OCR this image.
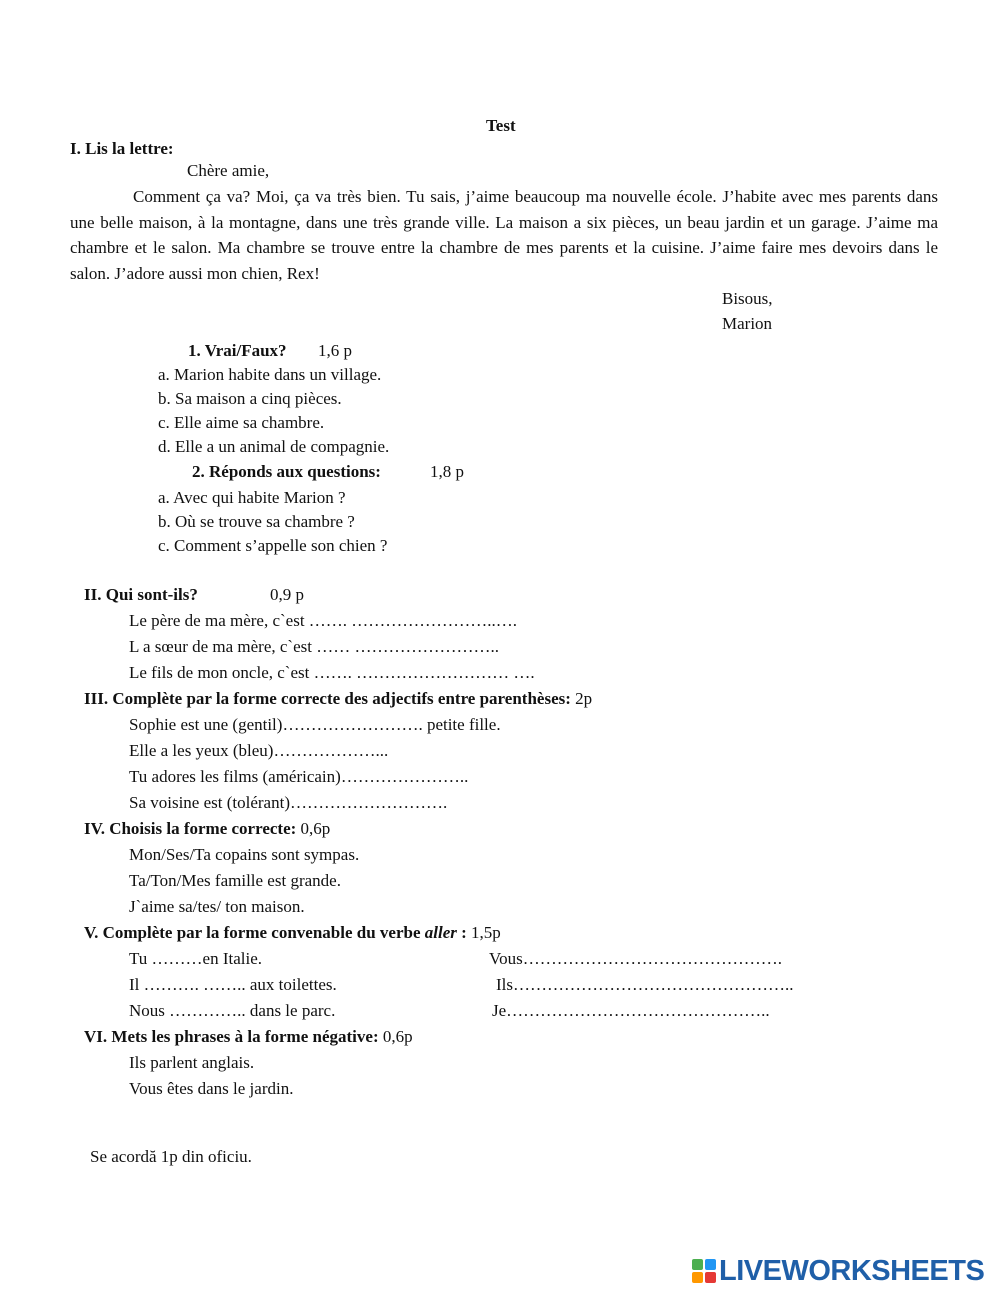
Test
I. Lis la lettre:
Chère amie,
Comment ça va? Moi, ça va très bien. Tu sais, j’aime beaucoup ma nouvelle école. J’habite avec mes parents dans une belle maison, à la montagne, dans une très grande ville. La maison a six pièces, un beau jardin et un garage. J’aime ma chambre et le salon. Ma chambre se trouve entre la chambre de mes parents et la cuisine. J’aime faire mes devoirs dans le salon. J’adore aussi mon chien, Rex!
Bisous,
Marion
1. Vrai/Faux? 1,6 p
a. Marion habite dans un village.
b. Sa maison a cinq pièces.
c. Elle aime sa chambre.
d. Elle a un animal de compagnie.
2. Réponds aux questions:	1,8 p
a. Avec qui habite Marion ?
b. Où se trouve sa chambre ?
c. Comment s’appelle son chien ?
II. Qui sont-ils?	0,9 p
Le père de ma mère, c`est ……. ……………………..….
L a sœur de ma mère, c`est …… ……………………..
Le fils de mon oncle, c`est ……. ……………………… ….
III. Complète par la forme correcte des adjectifs entre parenthèses: 2p
Sophie est une (gentil)……………………. petite fille.
Elle a les yeux (bleu)………………...
Tu adores les films (américain)…………………..
Sa voisine est (tolérant)……………………….
IV. Choisis la forme correcte: 0,6p
Mon/Ses/Ta copains sont sympas.
Ta/Ton/Mes famille est grande.
J`aime sa/tes/ ton maison.
V. Complète par la forme convenable du verbe aller : 1,5p
Tu ………en Italie.
Il ………. …….. aux toilettes.
Nous ………….. dans le parc.
Vous……………………………………….
Ils…………………………………………..
Je………………………………………..
VI. Mets les phrases à la forme négative: 0,6p
Ils parlent anglais.
Vous êtes dans le jardin.
Se acordă 1p din oficiu.
LIVEWORKSHEETS
